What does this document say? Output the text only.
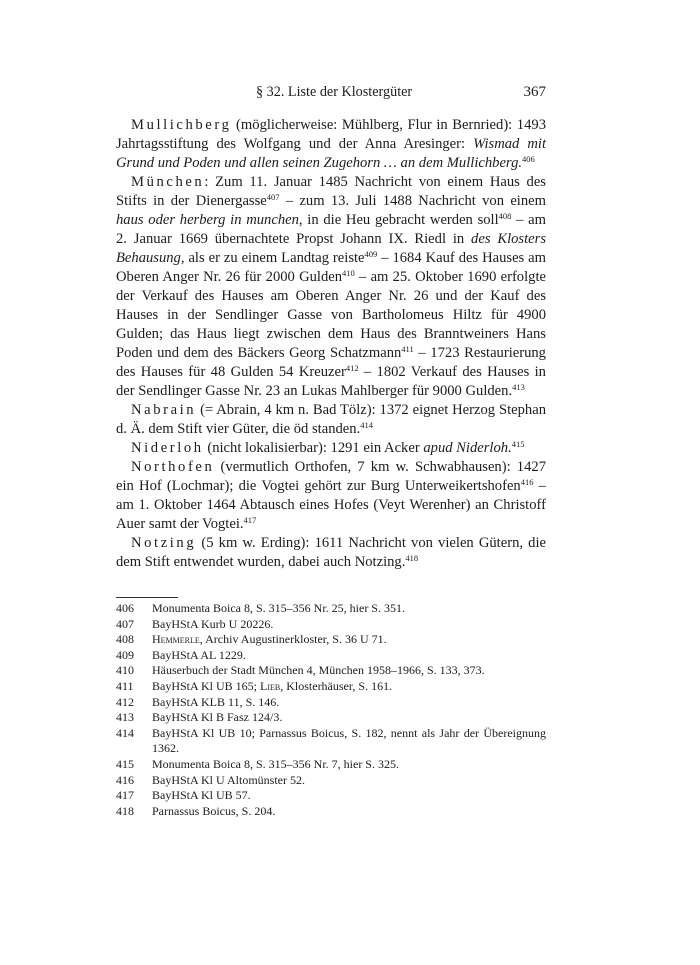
§ 32. Liste der Klostergüter	367

Mullichberg (möglicherweise: Mühlberg, Flur in Bernried): 1493 Jahrtagsstiftung des Wolfgang und der Anna Aresinger: Wismad mit Grund und Poden und allen seinen Zugehorn … an dem Mullichberg.$^{406}$

München: Zum 11. Januar 1485 Nachricht von einem Haus des Stifts in der Dienergasse$^{407}$ – zum 13. Juli 1488 Nachricht von einem haus oder herberg in munchen, in die Heu gebracht werden soll$^{408}$ – am 2. Januar 1669 übernachtete Propst Johann IX. Riedl in des Klosters Behausung, als er zu einem Landtag reiste$^{409}$ – 1684 Kauf des Hauses am Oberen Anger Nr. 26 für 2000 Gulden$^{410}$ – am 25. Oktober 1690 erfolgte der Verkauf des Hauses am Oberen Anger Nr. 26 und der Kauf des Hauses in der Sendlinger Gasse von Bartholomeus Hiltz für 4900 Gulden; das Haus liegt zwischen dem Haus des Branntweiners Hans Poden und dem des Bäckers Georg Schatzmann$^{411}$ – 1723 Restaurierung des Hauses für 48 Gulden 54 Kreuzer$^{412}$ – 1802 Verkauf des Hauses in der Sendlinger Gasse Nr. 23 an Lukas Mahlberger für 9000 Gulden.$^{413}$

Nabrain (= Abrain, 4 km n. Bad Tölz): 1372 eignet Herzog Stephan d. Ä. dem Stift vier Güter, die öd standen.$^{414}$

Niderloh (nicht lokalisierbar): 1291 ein Acker apud Niderloh.$^{415}$

Northofen (vermutlich Orthofen, 7 km w. Schwabhausen): 1427 ein Hof (Lochmar); die Vogtei gehört zur Burg Unterweikertshofen$^{416}$ – am 1. Oktober 1464 Abtausch eines Hofes (Veyt Werenher) an Christoff Auer samt der Vogtei.$^{417}$

Notzing (5 km w. Erding): 1611 Nachricht von vielen Gütern, die dem Stift entwendet wurden, dabei auch Notzing.$^{418}$

406 Monumenta Boica 8, S. 315–356 Nr. 25, hier S. 351.
407 BayHStA Kurb U 20226.
408 Hemmerle, Archiv Augustinerkloster, S. 36 U 71.
409 BayHStA AL 1229.
410 Häuserbuch der Stadt München 4, München 1958–1966, S. 133, 373.
411 BayHStA Kl UB 165; Lieb, Klosterhäuser, S. 161.
412 BayHStA KLB 11, S. 146.
413 BayHStA Kl B Fasz 124/3.
414 BayHStA Kl UB 10; Parnassus Boicus, S. 182, nennt als Jahr der Übereignung 1362.
415 Monumenta Boica 8, S. 315–356 Nr. 7, hier S. 325.
416 BayHStA Kl U Altomünster 52.
417 BayHStA Kl UB 57.
418 Parnassus Boicus, S. 204.
